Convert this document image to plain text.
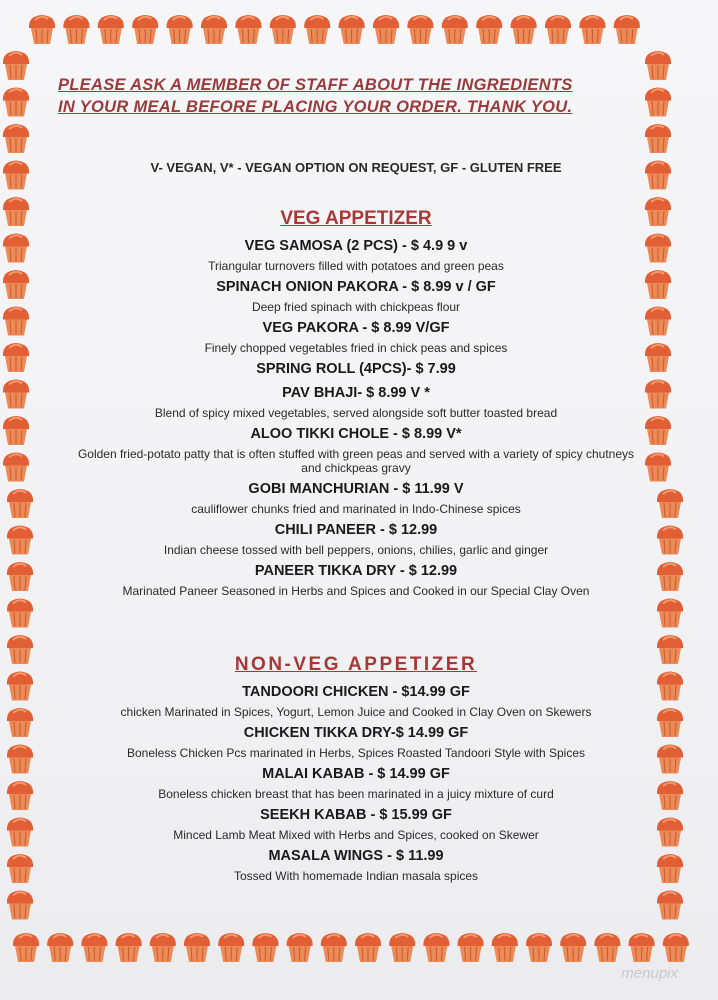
PLEASE ASK A MEMBER OF STAFF ABOUT THE INGREDIENTS
IN YOUR MEAL BEFORE PLACING YOUR ORDER. THANK YOU.
V- VEGAN, V* - VEGAN OPTION ON REQUEST, GF - GLUTEN FREE
VEG APPETIZER
VEG SAMOSA (2 PCS) - $ 4.9 9 v
Triangular turnovers filled with potatoes and green peas
SPINACH ONION PAKORA - $ 8.99 v / GF
Deep fried spinach with chickpeas flour
VEG PAKORA - $ 8.99 V/GF
Finely chopped vegetables fried in chick peas and spices
SPRING ROLL (4PCS)- $ 7.99
PAV BHAJI- $ 8.99 V *
Blend of spicy mixed vegetables, served alongside soft butter toasted bread
ALOO TIKKI CHOLE - $ 8.99 V*
Golden fried-potato patty that is often stuffed with green peas and served with a variety of spicy chutneys and chickpeas gravy
GOBI MANCHURIAN - $ 11.99 V
cauliflower chunks fried and marinated in Indo-Chinese spices
CHILI PANEER - $ 12.99
Indian cheese tossed with bell peppers, onions, chilies, garlic and ginger
PANEER TIKKA DRY - $ 12.99
Marinated Paneer Seasoned in Herbs and Spices and Cooked in our Special Clay Oven
NON-VEG APPETIZER
TANDOORI CHICKEN - $14.99 GF
chicken Marinated in Spices, Yogurt, Lemon Juice and Cooked in Clay Oven on Skewers
CHICKEN TIKKA DRY-$ 14.99 GF
Boneless Chicken Pcs marinated in Herbs, Spices Roasted Tandoori Style with Spices
MALAI KABAB - $ 14.99 GF
Boneless chicken breast that has been marinated in a juicy mixture of curd
SEEKH KABAB - $ 15.99 GF
Minced Lamb Meat Mixed with Herbs and Spices, cooked on Skewer
MASALA WINGS - $ 11.99
Tossed With homemade Indian masala spices
menupix
